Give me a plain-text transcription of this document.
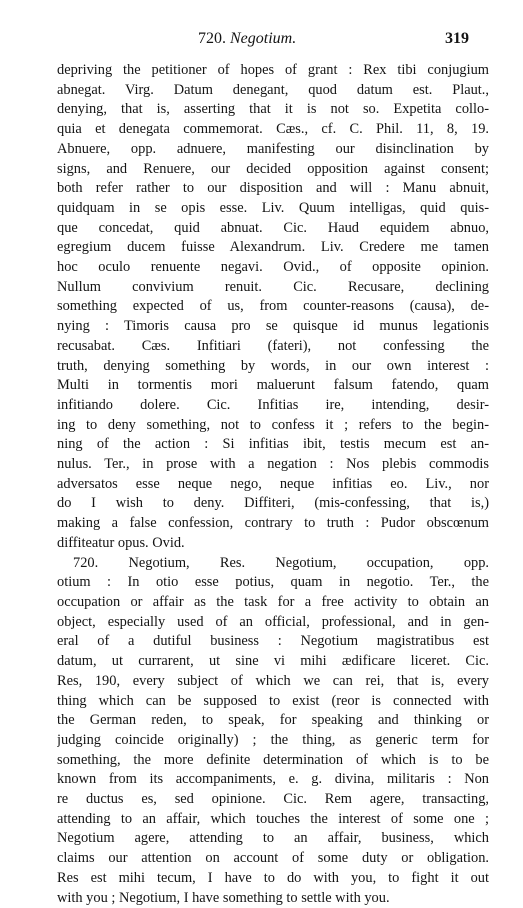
720. Negotium.	319
depriving the petitioner of hopes of grant : Rex tibi conjugium
abnegat. Virg. Datum denegant, quod datum est. Plaut.,
denying, that is, asserting that it is not so. Expetita collo-
quia et denegata commemorat. Cæs., cf. C. Phil. 11, 8, 19.
Abnuere, opp. adnuere, manifesting our disinclination by
signs, and Renuere, our decided opposition against consent;
both refer rather to our disposition and will : Manu abnuit,
quidquam in se opis esse. Liv. Quum intelligas, quid quis-
que concedat, quid abnuat. Cic. Haud equidem abnuo,
egregium ducem fuisse Alexandrum. Liv. Credere me tamen
hoc oculo renuente negavi. Ovid., of opposite opinion.
Nullum convivium renuit. Cic. Recusare, declining
something expected of us, from counter-reasons (causa), de-
nying : Timoris causa pro se quisque id munus legationis
recusabat. Cæs. Infitiari (fateri), not confessing the
truth, denying something by words, in our own interest :
Multi in tormentis mori maluerunt falsum fatendo, quam
infitiando dolere. Cic. Infitias ire, intending, desir-
ing to deny something, not to confess it ; refers to the begin-
ning of the action : Si infitias ibit, testis mecum est an-
nulus. Ter., in prose with a negation : Nos plebis commodis
adversatos esse neque nego, neque infitias eo. Liv., nor
do I wish to deny. Diffiteri, (mis-confessing, that is,)
making a false confession, contrary to truth : Pudor obscœnum
diffiteatur opus. Ovid.
720. Negotium, Res. Negotium, occupation, opp.
otium : In otio esse potius, quam in negotio. Ter., the
occupation or affair as the task for a free activity to obtain an
object, especially used of an official, professional, and in gen-
eral of a dutiful business : Negotium magistratibus est
datum, ut currarent, ut sine vi mihi ædificare liceret. Cic.
Res, 190, every subject of which we can rei, that is, every
thing which can be supposed to exist (reor is connected with
the German reden, to speak, for speaking and thinking or
judging coincide originally) ; the thing, as generic term for
something, the more definite determination of which is to be
known from its accompaniments, e. g. divina, militaris : Non
re ductus es, sed opinione. Cic. Rem agere, transacting,
attending to an affair, which touches the interest of some one ;
Negotium agere, attending to an affair, business, which
claims our attention on account of some duty or obligation.
Res est mihi tecum, I have to do with you, to fight it out
with you ; Negotium, I have something to settle with you.
